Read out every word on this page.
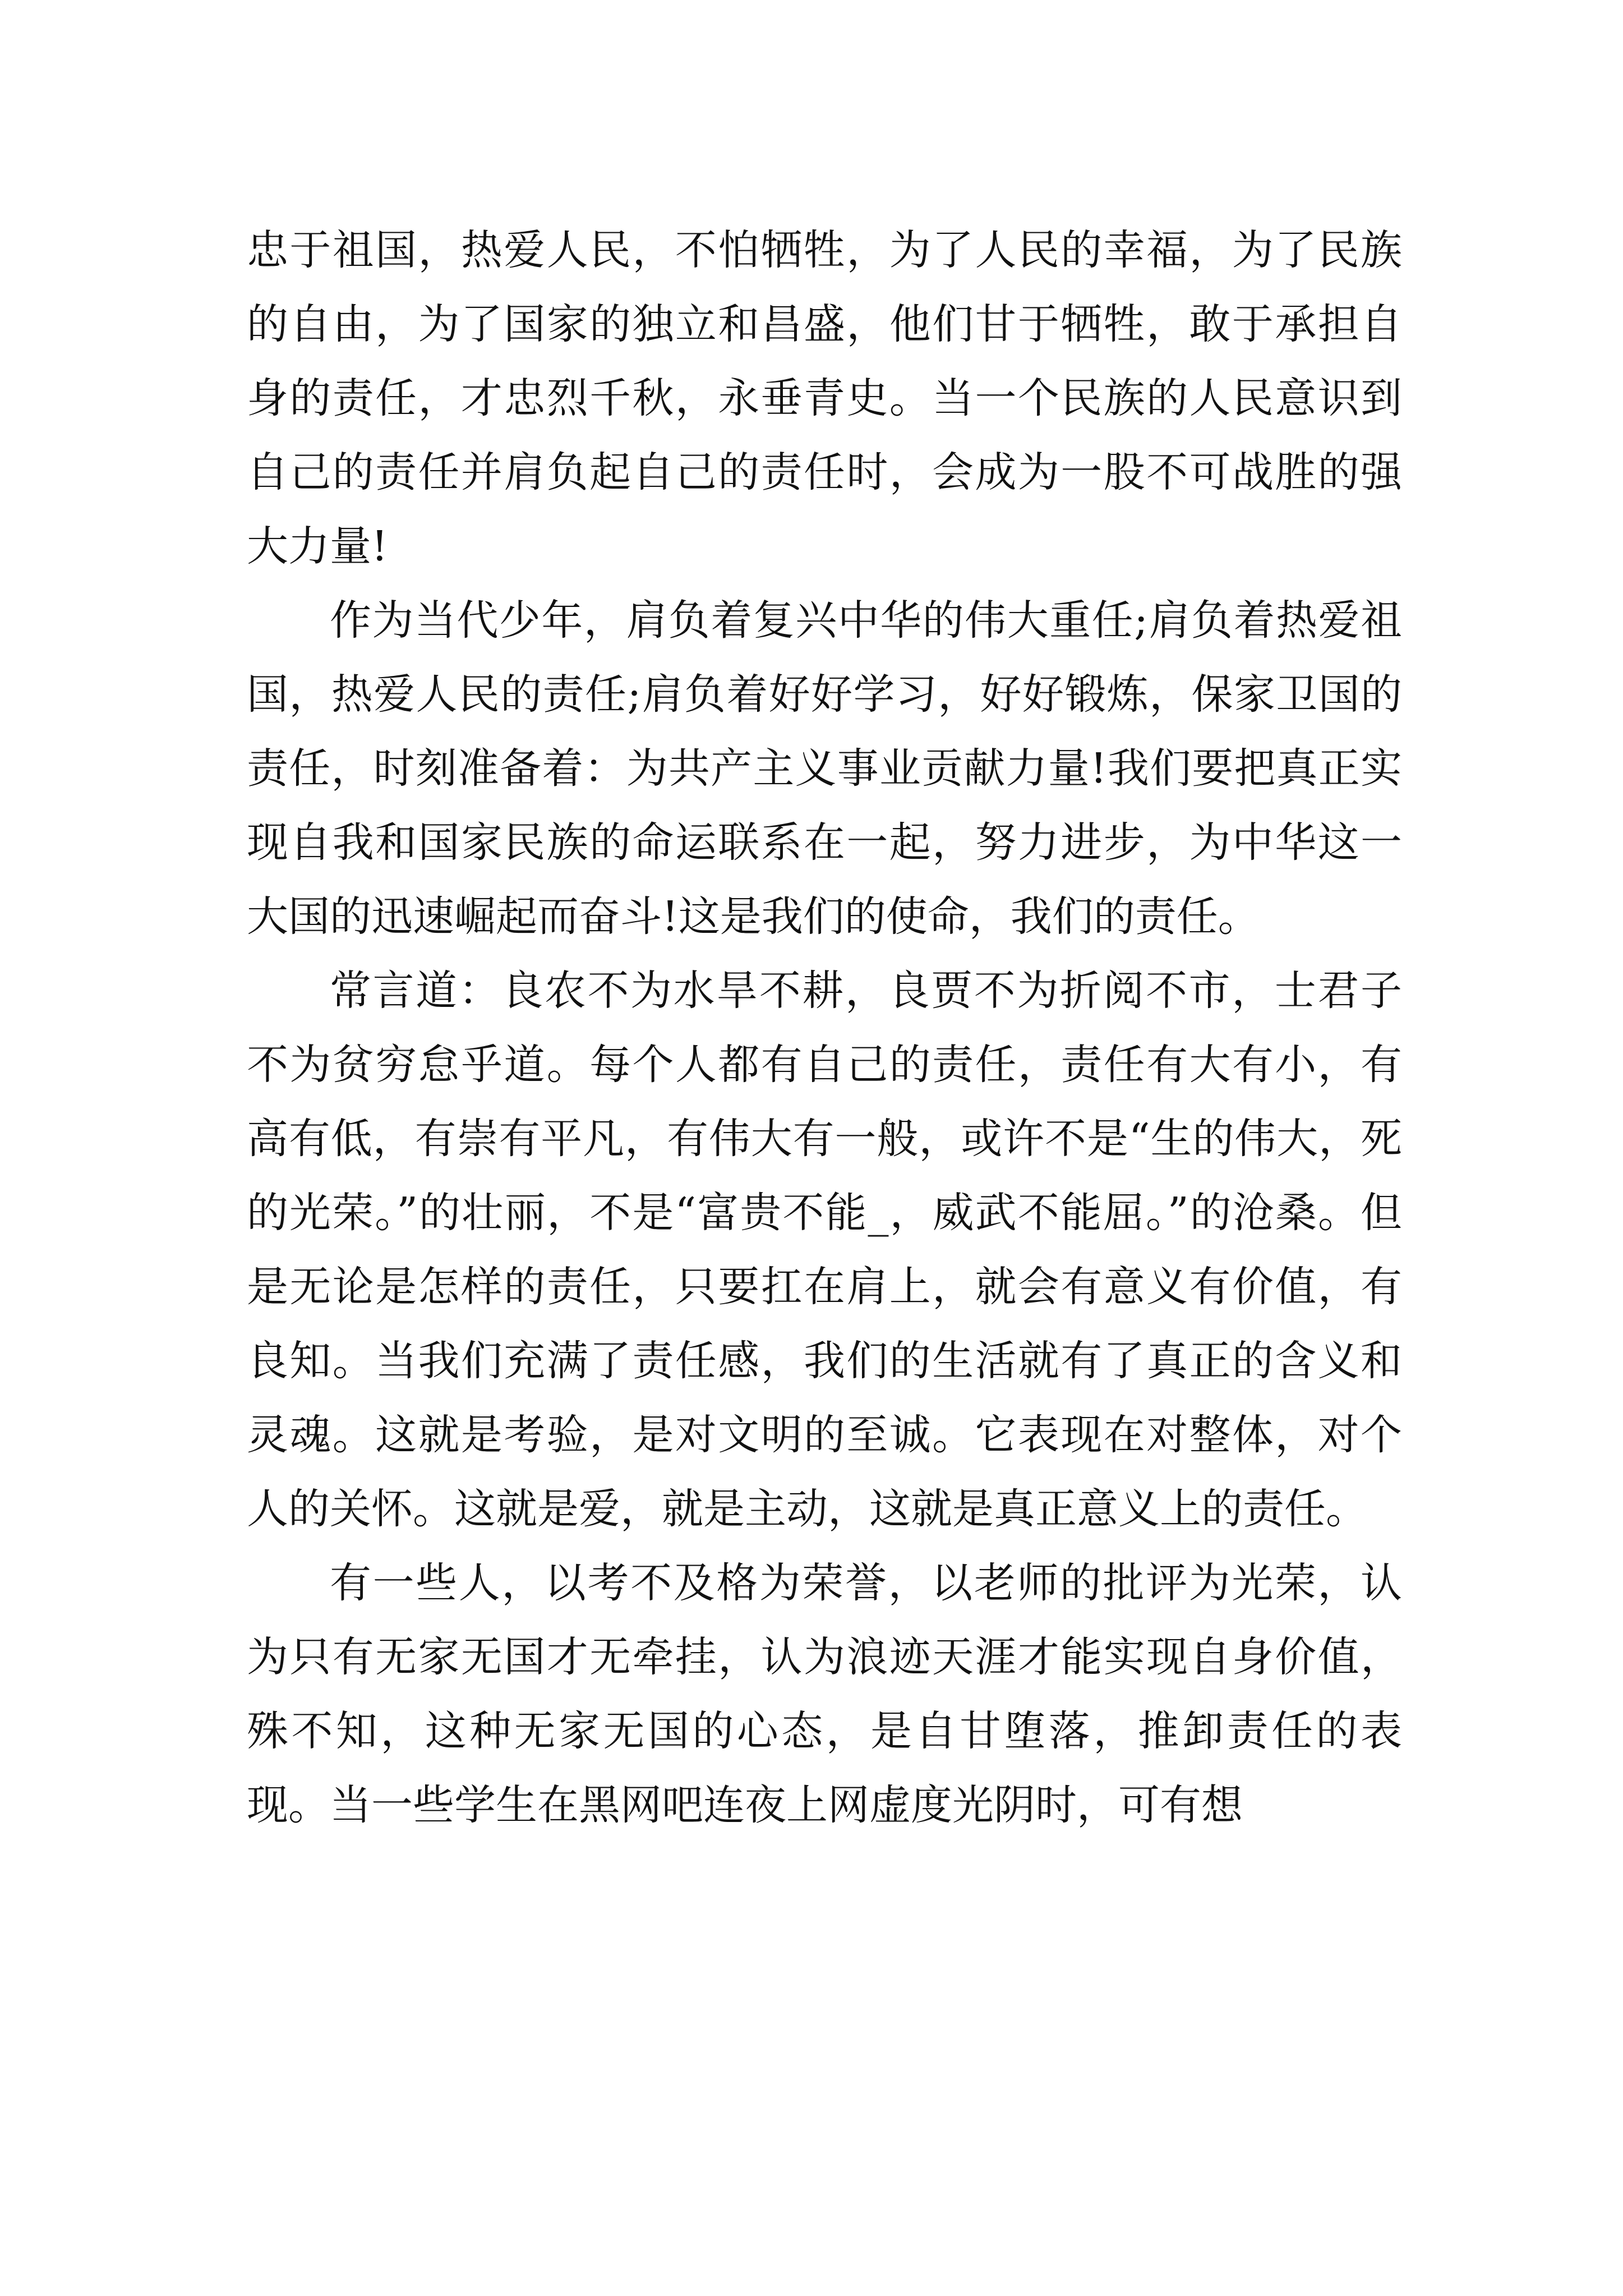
忠于祖国，热爱人民，不怕牺牲，为了人民的幸福，为了民族的自由，为了国家的独立和昌盛，他们甘于牺牲，敢于承担自身的责任，才忠烈千秋，永垂青史。当一个民族的人民意识到自己的责任并肩负起自己的责任时，会成为一股不可战胜的强大力量!

作为当代少年，肩负着复兴中华的伟大重任;肩负着热爱祖国，热爱人民的责任;肩负着好好学习，好好锻炼，保家卫国的责任，时刻准备着：为共产主义事业贡献力量!我们要把真正实现自我和国家民族的命运联系在一起，努力进步，为中华这一大国的迅速崛起而奋斗!这是我们的使命，我们的责任。

常言道：良农不为水旱不耕，良贾不为折阅不市，士君子不为贫穷怠乎道。每个人都有自己的责任，责任有大有小，有高有低，有崇有平凡，有伟大有一般，或许不是“生的伟大，死的光荣。”的壮丽，不是“富贵不能_，威武不能屈。”的沧桑。但是无论是怎样的责任，只要扛在肩上，就会有意义有价值，有良知。当我们充满了责任感，我们的生活就有了真正的含义和灵魂。这就是考验，是对文明的至诚。它表现在对整体，对个人的关怀。这就是爱，就是主动，这就是真正意义上的责任。

有一些人，以考不及格为荣誉，以老师的批评为光荣，认为只有无家无国才无牵挂，认为浪迹天涯才能实现自身价值，殊不知，这种无家无国的心态，是自甘堕落，推卸责任的表现。当一些学生在黑网吧连夜上网虚度光阴时，可有想
